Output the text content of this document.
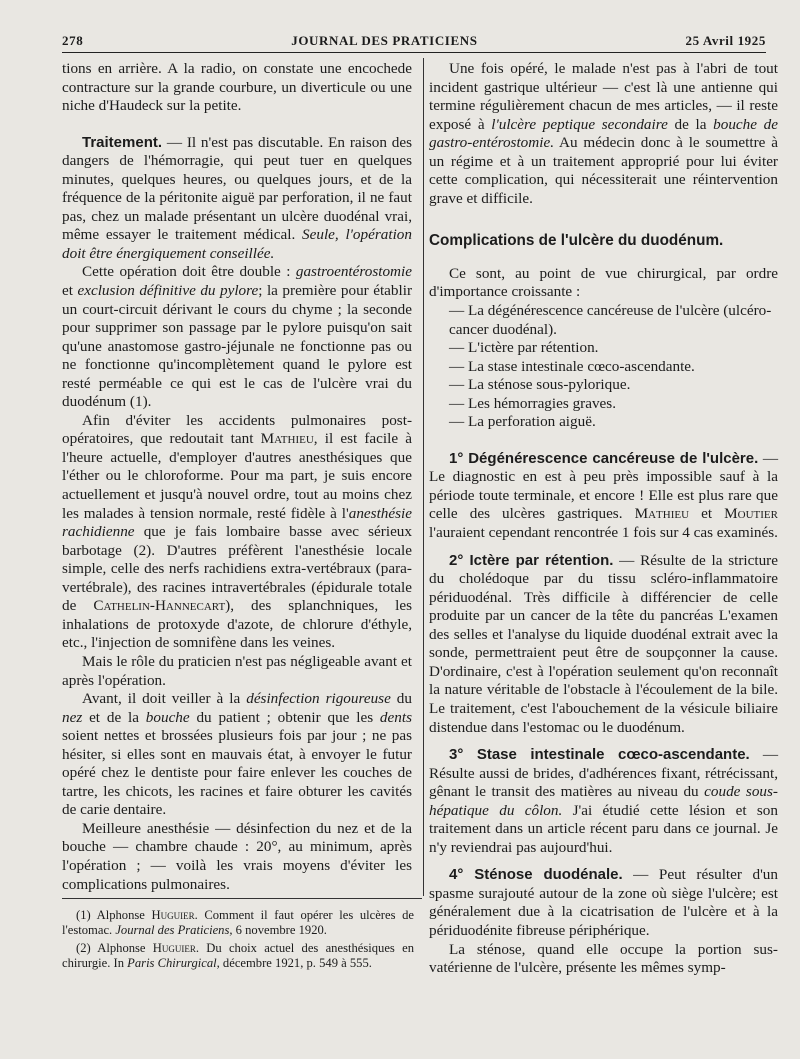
278	JOURNAL DES PRATICIENS	25 Avril 1925

tions en arrière. A la radio, on constate une encochede contracture sur la grande courbure, un diverticule ou une niche d'Haudeck sur la petite.

Traitement. — Il n'est pas discutable. En raison des dangers de l'hémorragie, qui peut tuer en quelques minutes, quelques heures, ou quelques jours, et de la fréquence de la péritonite aiguë par perforation, il ne faut pas, chez un malade présentant un ulcère duodénal vrai, même essayer le traitement médical. Seule, l'opération doit être énergiquement conseillée.

Cette opération doit être double : gastroentérostomie et exclusion définitive du pylore; la première pour établir un court-circuit dérivant le cours du chyme ; la seconde pour supprimer son passage par le pylore puisqu'on sait qu'une anastomose gastro-jéjunale ne fonctionne pas ou ne fonctionne qu'incomplètement quand le pylore est resté perméable ce qui est le cas de l'ulcère vrai du duodénum (1).

Afin d'éviter les accidents pulmonaires postopératoires, que redoutait tant Mathieu, il est facile à l'heure actuelle, d'employer d'autres anesthésiques que l'éther ou le chloroforme. Pour ma part, je suis encore actuellement et jusqu'à nouvel ordre, tout au moins chez les malades à tension normale, resté fidèle à l'anesthésie rachidienne que je fais lombaire basse avec sérieux barbotage (2). D'autres préfèrent l'anesthésie locale simple, celle des nerfs rachidiens extra-vertébraux (para-vertébrale), des racines intravertébrales (épidurale totale de Cathelin-Hannecart), des splanchniques, les inhalations de protoxyde d'azote, de chlorure d'éthyle, etc., l'injection de somnifène dans les veines.

Mais le rôle du praticien n'est pas négligeable avant et après l'opération.

Avant, il doit veiller à la désinfection rigoureuse du nez et de la bouche du patient ; obtenir que les dents soient nettes et brossées plusieurs fois par jour ; ne pas hésiter, si elles sont en mauvais état, à envoyer le futur opéré chez le dentiste pour faire enlever les couches de tartre, les chicots, les racines et faire obturer les cavités de carie dentaire.

Meilleure anesthésie — désinfection du nez et de la bouche — chambre chaude : 20°, au minimum, après l'opération ; — voilà les vrais moyens d'éviter les complications pulmonaires.

(1) Alphonse Huguier. Comment il faut opérer les ulcères de l'estomac. Journal des Praticiens, 6 novembre 1920.

(2) Alphonse Huguier. Du choix actuel des anesthésiques en chirurgie. In Paris Chirurgical, décembre 1921, p. 549 à 555.

Une fois opéré, le malade n'est pas à l'abri de tout incident gastrique ultérieur — c'est là une antienne qui termine régulièrement chacun de mes articles, — il reste exposé à l'ulcère peptique secondaire de la bouche de gastro-entérostomie. Au médecin donc à le soumettre à un régime et à un traitement approprié pour lui éviter cette complication, qui nécessiterait une réintervention grave et difficile.

Complications de l'ulcère du duodénum.

Ce sont, au point de vue chirurgical, par ordre d'importance croissante :

— La dégénérescence cancéreuse de l'ulcère (ulcéro-cancer duodénal).

— L'ictère par rétention.

— La stase intestinale cœco-ascendante.

— La sténose sous-pylorique.

— Les hémorragies graves.

— La perforation aiguë.

1° Dégénérescence cancéreuse de l'ulcère. — Le diagnostic en est à peu près impossible sauf à la période toute terminale, et encore ! Elle est plus rare que celle des ulcères gastriques. Mathieu et Moutier l'auraient cependant rencontrée 1 fois sur 4 cas examinés.

2° Ictère par rétention. — Résulte de la stricture du cholédoque par du tissu scléro-inflammatoire périduodénal. Très difficile à différencier de celle produite par un cancer de la tête du pancréas L'examen des selles et l'analyse du liquide duodénal extrait avec la sonde, permettraient peut être de soupçonner la cause. D'ordinaire, c'est à l'opération seulement qu'on reconnaît la nature véritable de l'obstacle à l'écoulement de la bile. Le traitement, c'est l'abouchement de la vésicule biliaire distendue dans l'estomac ou le duodénum.

3° Stase intestinale cœco-ascendante. — Résulte aussi de brides, d'adhérences fixant, rétrécissant, gênant le transit des matières au niveau du coude sous-hépatique du côlon. J'ai étudié cette lésion et son traitement dans un article récent paru dans ce journal. Je n'y reviendrai pas aujourd'hui.

4° Sténose duodénale. — Peut résulter d'un spasme surajouté autour de la zone où siège l'ulcère; est généralement due à la cicatrisation de l'ulcère et à la périduodénite fibreuse périphérique.

La sténose, quand elle occupe la portion sus-vatérienne de l'ulcère, présente les mêmes symp-
